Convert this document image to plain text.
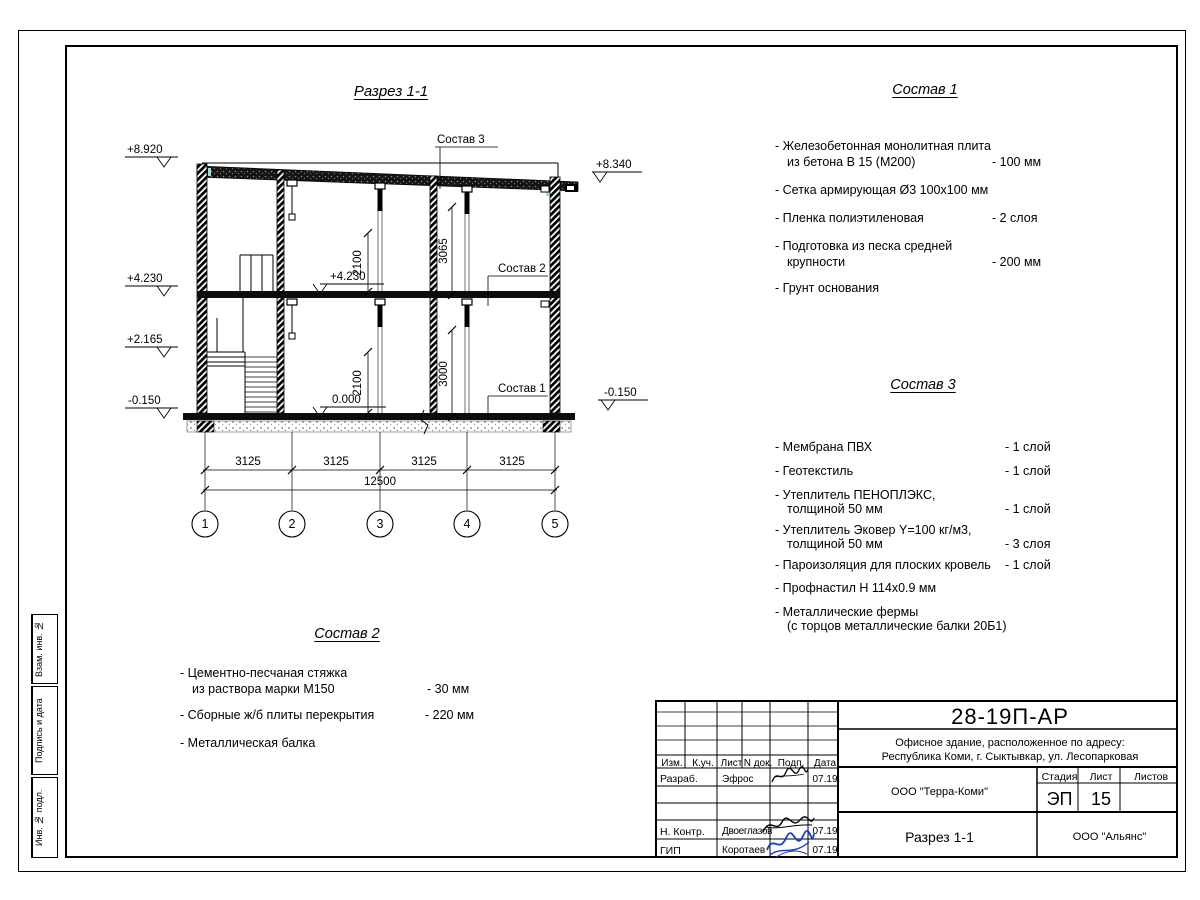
3125	3125	3125	3125
12500
2100	3065
2100	3000
+8.920
+4.230
+2.165
-0.150
+8.340
-0.150
+4.230
0.000
Состав 3
Состав 2
Состав 1
1	2	3	4	5
Разрез 1-1	Состав 1
Состав 3
Состав 2
- Железобетонная монолитная плита
из бетона В 15 (М200)	- 100 мм
- Сетка армирующая Ø3 100х100 мм
- Пленка полиэтиленовая	- 2 слоя
- Подготовка из песка средней
крупности	- 200 мм
- Грунт основания
- Мембрана ПВХ	- 1 слой
- Геотекстиль	- 1 слой
- Утеплитель ПЕНОПЛЭКС,
толщиной 50 мм	- 1 слой
- Утеплитель Эковер Y=100 кг/м3,
толщиной 50 мм	- 3 слоя
- Пароизоляция для плоских кровель - 1 слой
- Профнастил Н 114х0.9 мм
- Металлические фермы
(с торцов металлические балки 20Б1)
- Цементно-песчаная стяжка
из раствора марки М150	- 30 мм
- Сборные ж/б плиты перекрытия	- 220 мм
- Металлическая балка
Взам. инв. №
Подпись и дата
Инв. № подл.
Изм. К.уч. Лист N док. Подп. Дата
Разраб.	Эфрос	07.19
Н. Контр.	Двоеглазов	07.19
ГИП	Коротаев	07.19
28-19П-АР
Офисное здание, расположенное по адресу:
Республика Коми, г. Сыктывкар, ул. Лесопарковая
ООО "Терра-Коми"
Стадия	Лист	Листов
ЭП	15
Разрез 1-1	ООО "Альянс"
